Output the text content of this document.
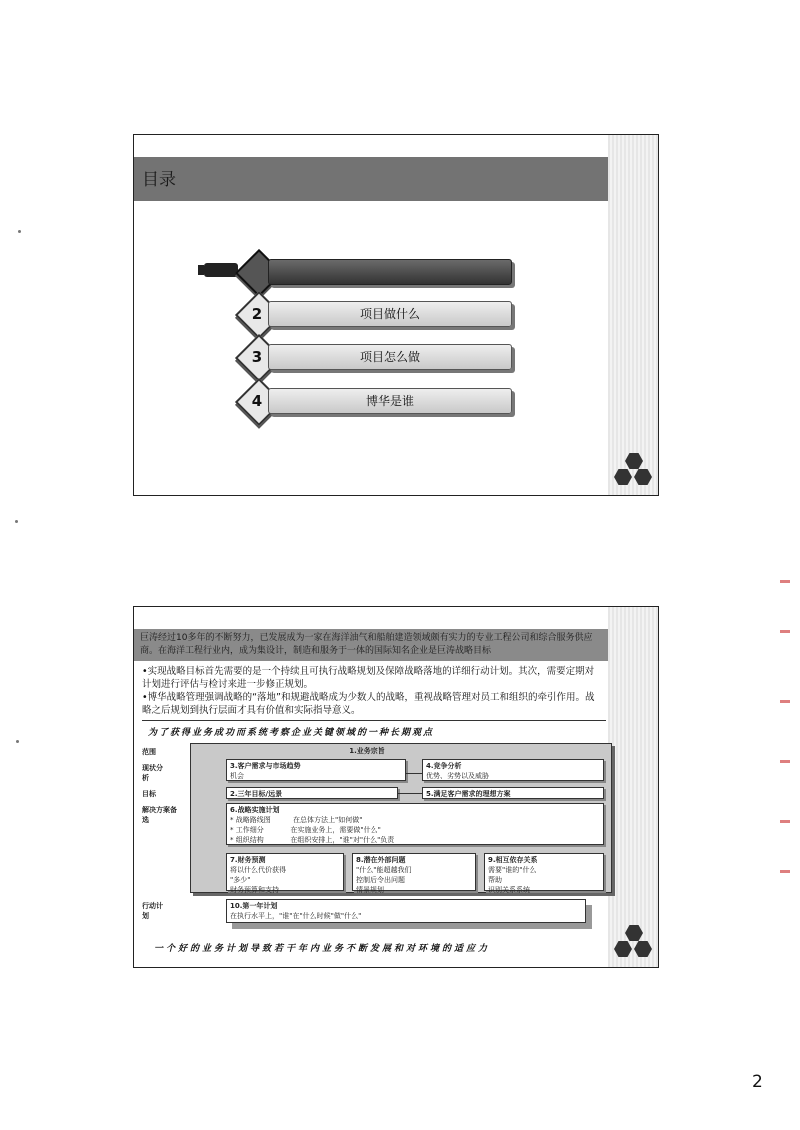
目录
2	项目做什么
3	项目怎么做
4	博华是谁
巨涛经过10多年的不断努力，已发展成为一家在海洋油气和船舶建造领域颇有实力的专业工程公司和综合服务供应商。在海洋工程行业内，成为集设计，制造和服务于一体的国际知名企业是巨涛战略目标
•实现战略目标首先需要的是一个持续且可执行战略规划及保障战略落地的详细行动计划。其次，需要定期对计划进行评估与检讨来进一步修正规划。
•博华战略管理强调战略的“落地”和规避战略成为少数人的战略，重视战略管理对员工和组织的牵引作用。战略之后规划到执行层面才具有价值和实际指导意义。
为了获得业务成功而系统考察企业关键领域的一种长期观点
范围
现状分析
目标
解决方案备选
行动计划
1.业务宗旨
3.客户需求与市场趋势
机会
4.竞争分析
优势、劣势以及威胁
2.三年目标/远景	5.满足客户需求的理想方案
6.战略实施计划
* 战略路线图          在总体方法上"如何做"
* 工作细分            在实施业务上，需要做"什么"
* 组织结构            在组织安排上，"谁"对"什么"负责
7.财务预测
将以什么代价获得
"多少"
财务预算和支持
8.潜在外部问题
"什么"能超越我们
控制后令出问题
情景规划
9.相互依存关系
需要"谁的"什么
帮助
识别关系系统
10.第一年计划
在执行水平上，"谁"在"什么时候"做"什么"
一个好的业务计划导致若干年内业务不断发展和对环境的适应力
2
